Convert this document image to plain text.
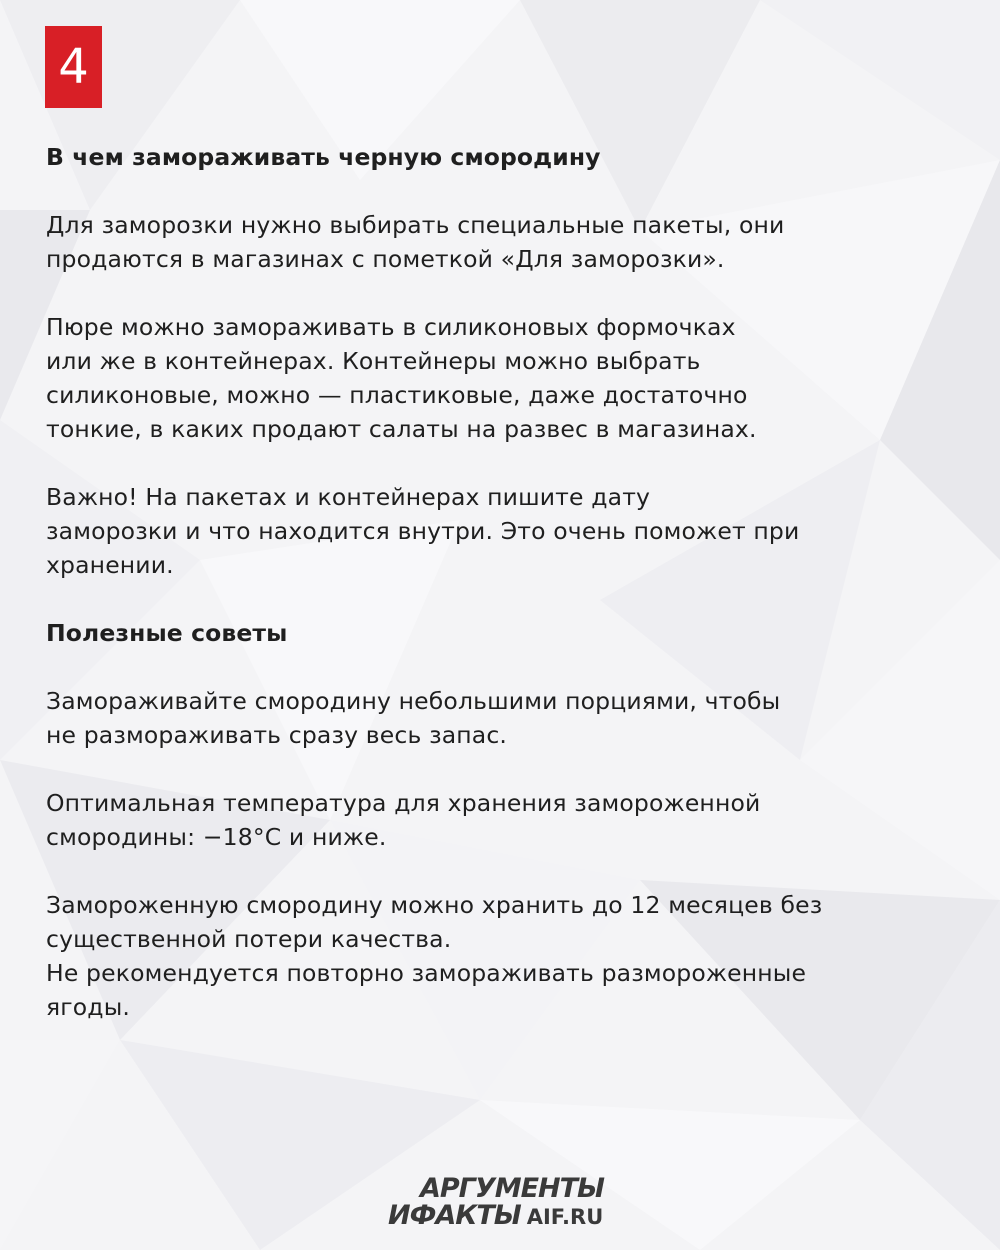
4
В чем замораживать черную смородину

Для заморозки нужно выбирать специальные пакеты, они
продаются в магазинах с пометкой «Для заморозки».

Пюре можно замораживать в силиконовых формочках
или же в контейнерах. Контейнеры можно выбрать
силиконовые, можно — пластиковые, даже достаточно
тонкие, в каких продают салаты на развес в магазинах.

Важно! На пакетах и контейнерах пишите дату
заморозки и что находится внутри. Это очень поможет при
хранении.

Полезные советы

Замораживайте смородину небольшими порциями, чтобы
не размораживать сразу весь запас.

Оптимальная температура для хранения замороженной
смородины: −18°С и ниже.

Замороженную смородину можно хранить до 12 месяцев без
существенной потери качества.
Не рекомендуется повторно замораживать размороженные
ягоды.

АРГУМЕНТЫ
ИФАКТЫ AIF.RU
